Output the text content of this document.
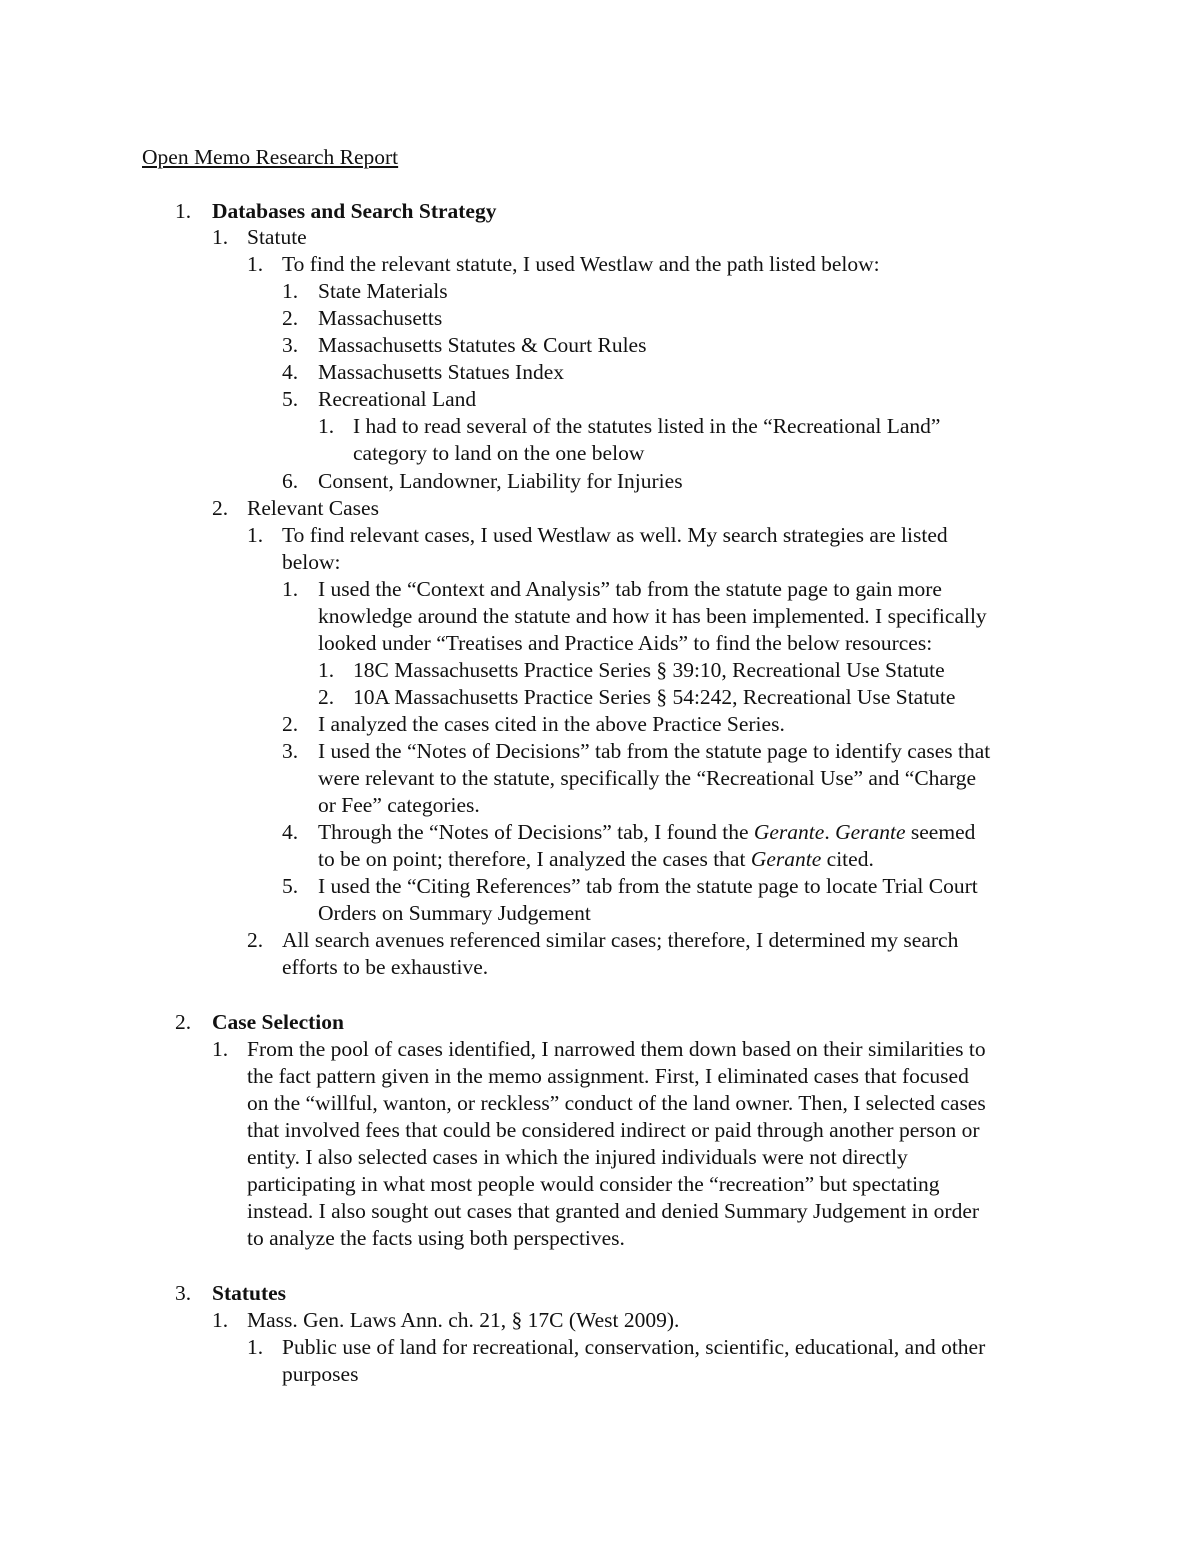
Open Memo Research Report
1. Databases and Search Strategy
1. Statute
1. To find the relevant statute, I used Westlaw and the path listed below:
1. State Materials
2. Massachusetts
3. Massachusetts Statutes & Court Rules
4. Massachusetts Statues Index
5. Recreational Land
1. I had to read several of the statutes listed in the “Recreational Land”
category to land on the one below
6. Consent, Landowner, Liability for Injuries
2. Relevant Cases
1. To find relevant cases, I used Westlaw as well. My search strategies are listed
below:
1. I used the “Context and Analysis” tab from the statute page to gain more
knowledge around the statute and how it has been implemented. I specifically
looked under “Treatises and Practice Aids” to find the below resources:
1. 18C Massachusetts Practice Series § 39:10, Recreational Use Statute
2. 10A Massachusetts Practice Series § 54:242, Recreational Use Statute
2. I analyzed the cases cited in the above Practice Series.
3. I used the “Notes of Decisions” tab from the statute page to identify cases that
were relevant to the statute, specifically the “Recreational Use” and “Charge
or Fee” categories.
4. Through the “Notes of Decisions” tab, I found the Gerante. Gerante seemed
to be on point; therefore, I analyzed the cases that Gerante cited.
5. I used the “Citing References” tab from the statute page to locate Trial Court
Orders on Summary Judgement
2. All search avenues referenced similar cases; therefore, I determined my search
efforts to be exhaustive.
2. Case Selection
1. From the pool of cases identified, I narrowed them down based on their similarities to
the fact pattern given in the memo assignment. First, I eliminated cases that focused
on the “willful, wanton, or reckless” conduct of the land owner. Then, I selected cases
that involved fees that could be considered indirect or paid through another person or
entity. I also selected cases in which the injured individuals were not directly
participating in what most people would consider the “recreation” but spectating
instead. I also sought out cases that granted and denied Summary Judgement in order
to analyze the facts using both perspectives.
3. Statutes
1. Mass. Gen. Laws Ann. ch. 21, § 17C (West 2009).
1. Public use of land for recreational, conservation, scientific, educational, and other
purposes
